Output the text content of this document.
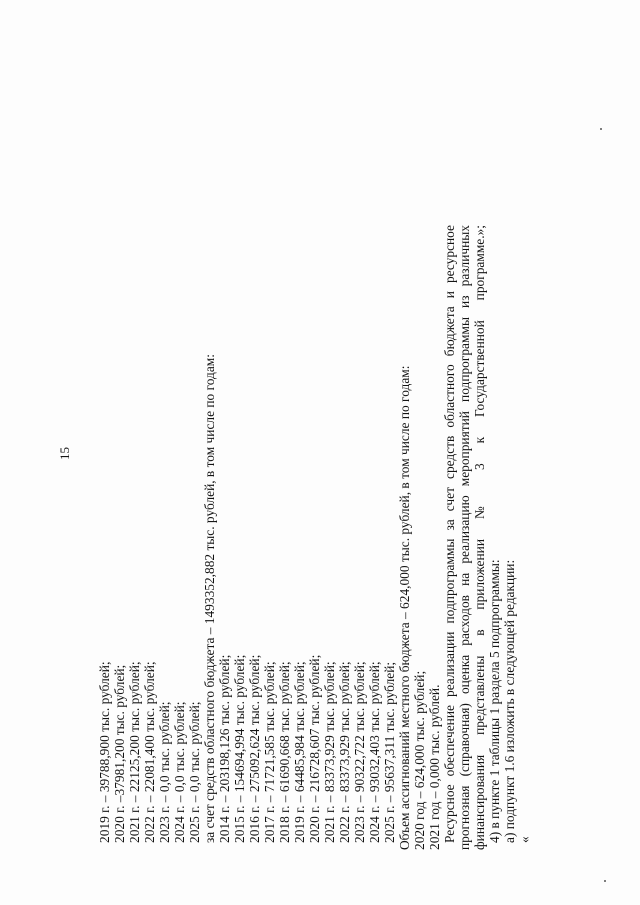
15
2019 г. – 39788,900 тыс. рублей; 2020 г. –37981,200 тыс. рублей; 2021 г. – 22125,200 тыс. рублей; 2022 г. – 22081,400 тыс. рублей; 2023 г. – 0,0 тыс. рублей; 2024 г. – 0,0 тыс. рублей; 2025 г. – 0,0 тыс. рублей; за счет средств областного бюджета – 1493352,882 тыс. рублей, в том числе по годам: 2014 г. – 203198,126 тыс. рублей; 2015 г. – 154694,994 тыс. рублей; 2016 г. – 275092,624 тыс. рублей; 2017 г. – 71721,585 тыс. рублей; 2018 г. – 61690,668 тыс. рублей; 2019 г. – 64485,984 тыс. рублей; 2020 г. – 216728,607 тыс. рублей; 2021 г. – 83373,929 тыс. рублей; 2022 г. – 83373,929 тыс. рублей; 2023 г. – 90322,722 тыс. рублей; 2024 г. – 93032,403 тыс. рублей; 2025 г. – 95637,311 тыс. рублей; Объем ассигнований местного бюджета – 624,000 тыс. рублей, в том числе по годам: 2020 год – 624,000 тыс. рублей; 2021 год – 0,000 тыс. рублей. Ресурсное обеспечение реализации подпрограммы за счет средств областного бюджета и ресурсное
прогнозная (справочная) оценка расходов на реализацию мероприятий подпрограммы из различных финансирования представлены в приложении № 3 к Государственной программе.»; 4) в пункте 1 таблицы 1 раздела 5 подпрограммы: а) подпункт 1.6 изложить в следующей редакции: «
